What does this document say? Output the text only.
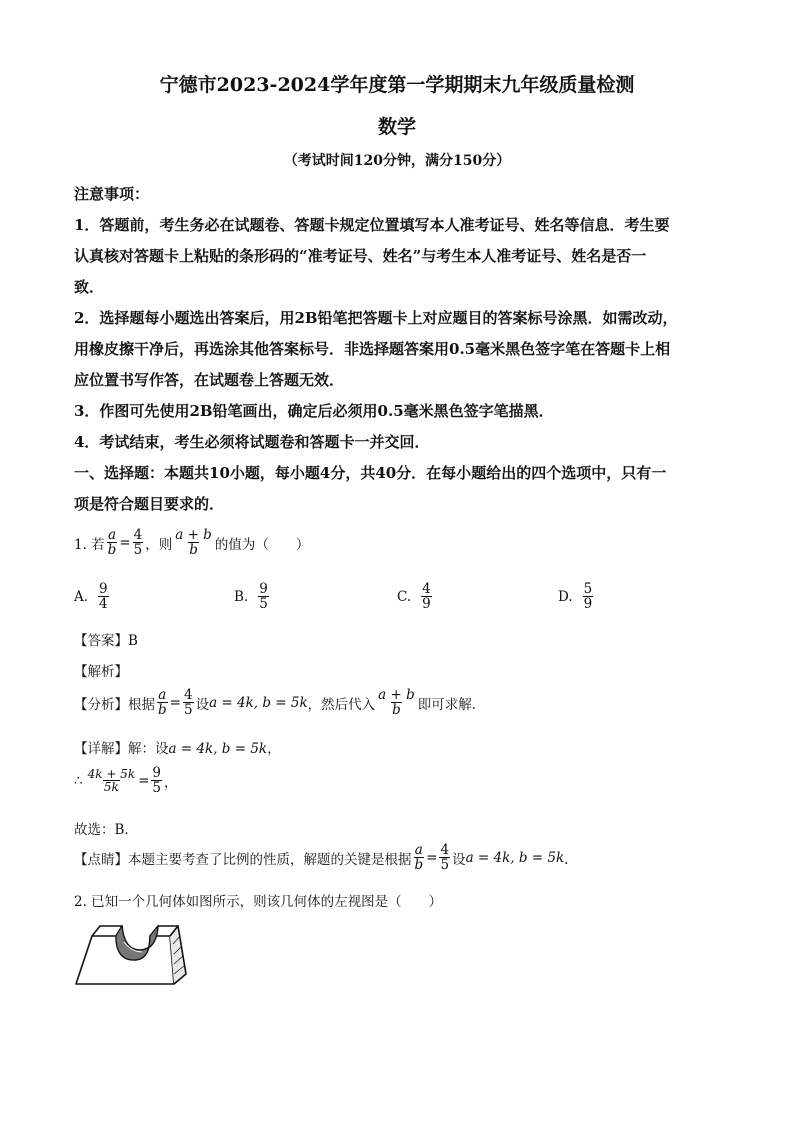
宁德市2023-2024学年度第一学期期末九年级质量检测
数学
（考试时间120分钟，满分150分）
注意事项：
1．答题前，考生务必在试题卷、答题卡规定位置填写本人准考证号、姓名等信息．考生要
认真核对答题卡上粘贴的条形码的“准考证号、姓名”与考生本人准考证号、姓名是否一
致．
2．选择题每小题选出答案后，用2B铅笔把答题卡上对应题目的答案标号涂黑．如需改动，
用橡皮擦干净后，再选涂其他答案标号．非选择题答案用0.5毫米黑色签字笔在答题卡上相
应位置书写作答，在试题卷上答题无效．
3．作图可先使用2B铅笔画出，确定后必须用0.5毫米黑色签字笔描黑．
4．考试结束，考生必须将试题卷和答题卡一并交回．
一、选择题：本题共10小题，每小题4分，共40分．在每小题给出的四个选项中，只有一
项是符合题目要求的．
1. 若 $\frac{a}{b} = \frac{4}{5}$ ，则 $\frac{a + b}{b}$ 的值为（　　）
A. $\frac{9}{4}$	B. $\frac{9}{5}$	C. $\frac{4}{9}$	D. $\frac{5}{9}$
【答案】B
【解析】
【分析】 根据 $\frac{a}{b} = \frac{4}{5}$ 设 a = 4k, b = 5k ，然后代入 $\frac{a + b}{b}$ 即可求解．
【详解】解：设a = 4k, b = 5k，
∴ $\frac{4k + 5k}{5k} = \frac{9}{5}$ ，
故选：B．
【点睛】 本题主要考查了比例的性质，解题的关键是根据 $\frac{a}{b} = \frac{4}{5}$ 设 a = 4k, b = 5k ．
2. 已知一个几何体如图所示，则该几何体的左视图是（　　）
